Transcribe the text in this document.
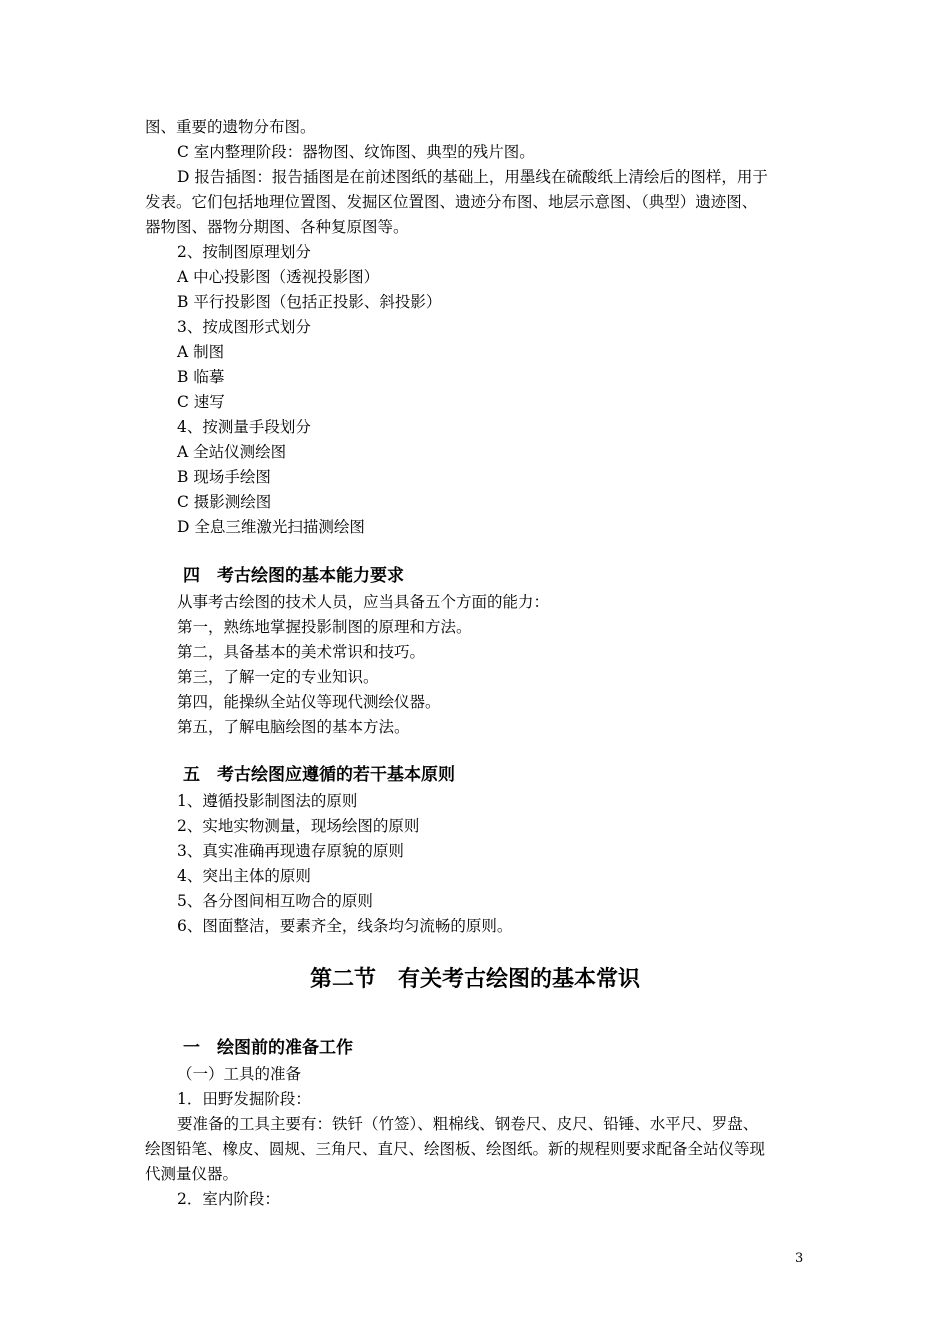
图、重要的遗物分布图。
C 室内整理阶段：器物图、纹饰图、典型的残片图。
D 报告插图：报告插图是在前述图纸的基础上，用墨线在硫酸纸上清绘后的图样，用于
发表。它们包括地理位置图、发掘区位置图、遗迹分布图、地层示意图、（典型）遗迹图、
器物图、器物分期图、各种复原图等。
2、按制图原理划分
A 中心投影图（透视投影图）
B 平行投影图（包括正投影、斜投影）
3、按成图形式划分
A 制图
B 临摹
C 速写
4、按测量手段划分
A 全站仪测绘图
B 现场手绘图
C 摄影测绘图
D 全息三维激光扫描测绘图
四　考古绘图的基本能力要求
从事考古绘图的技术人员，应当具备五个方面的能力：
第一，熟练地掌握投影制图的原理和方法。
第二，具备基本的美术常识和技巧。
第三，了解一定的专业知识。
第四，能操纵全站仪等现代测绘仪器。
第五，了解电脑绘图的基本方法。
五　考古绘图应遵循的若干基本原则
1、遵循投影制图法的原则
2、实地实物测量，现场绘图的原则
3、真实准确再现遗存原貌的原则
4、突出主体的原则
5、各分图间相互吻合的原则
6、图面整洁，要素齐全，线条均匀流畅的原则。
第二节　有关考古绘图的基本常识
一　绘图前的准备工作
（一）工具的准备
1．田野发掘阶段：
要准备的工具主要有：铁钎（竹签）、粗棉线、钢卷尺、皮尺、铅锤、水平尺、罗盘、
绘图铅笔、橡皮、圆规、三角尺、直尺、绘图板、绘图纸。新的规程则要求配备全站仪等现
代测量仪器。
2．室内阶段：
3
